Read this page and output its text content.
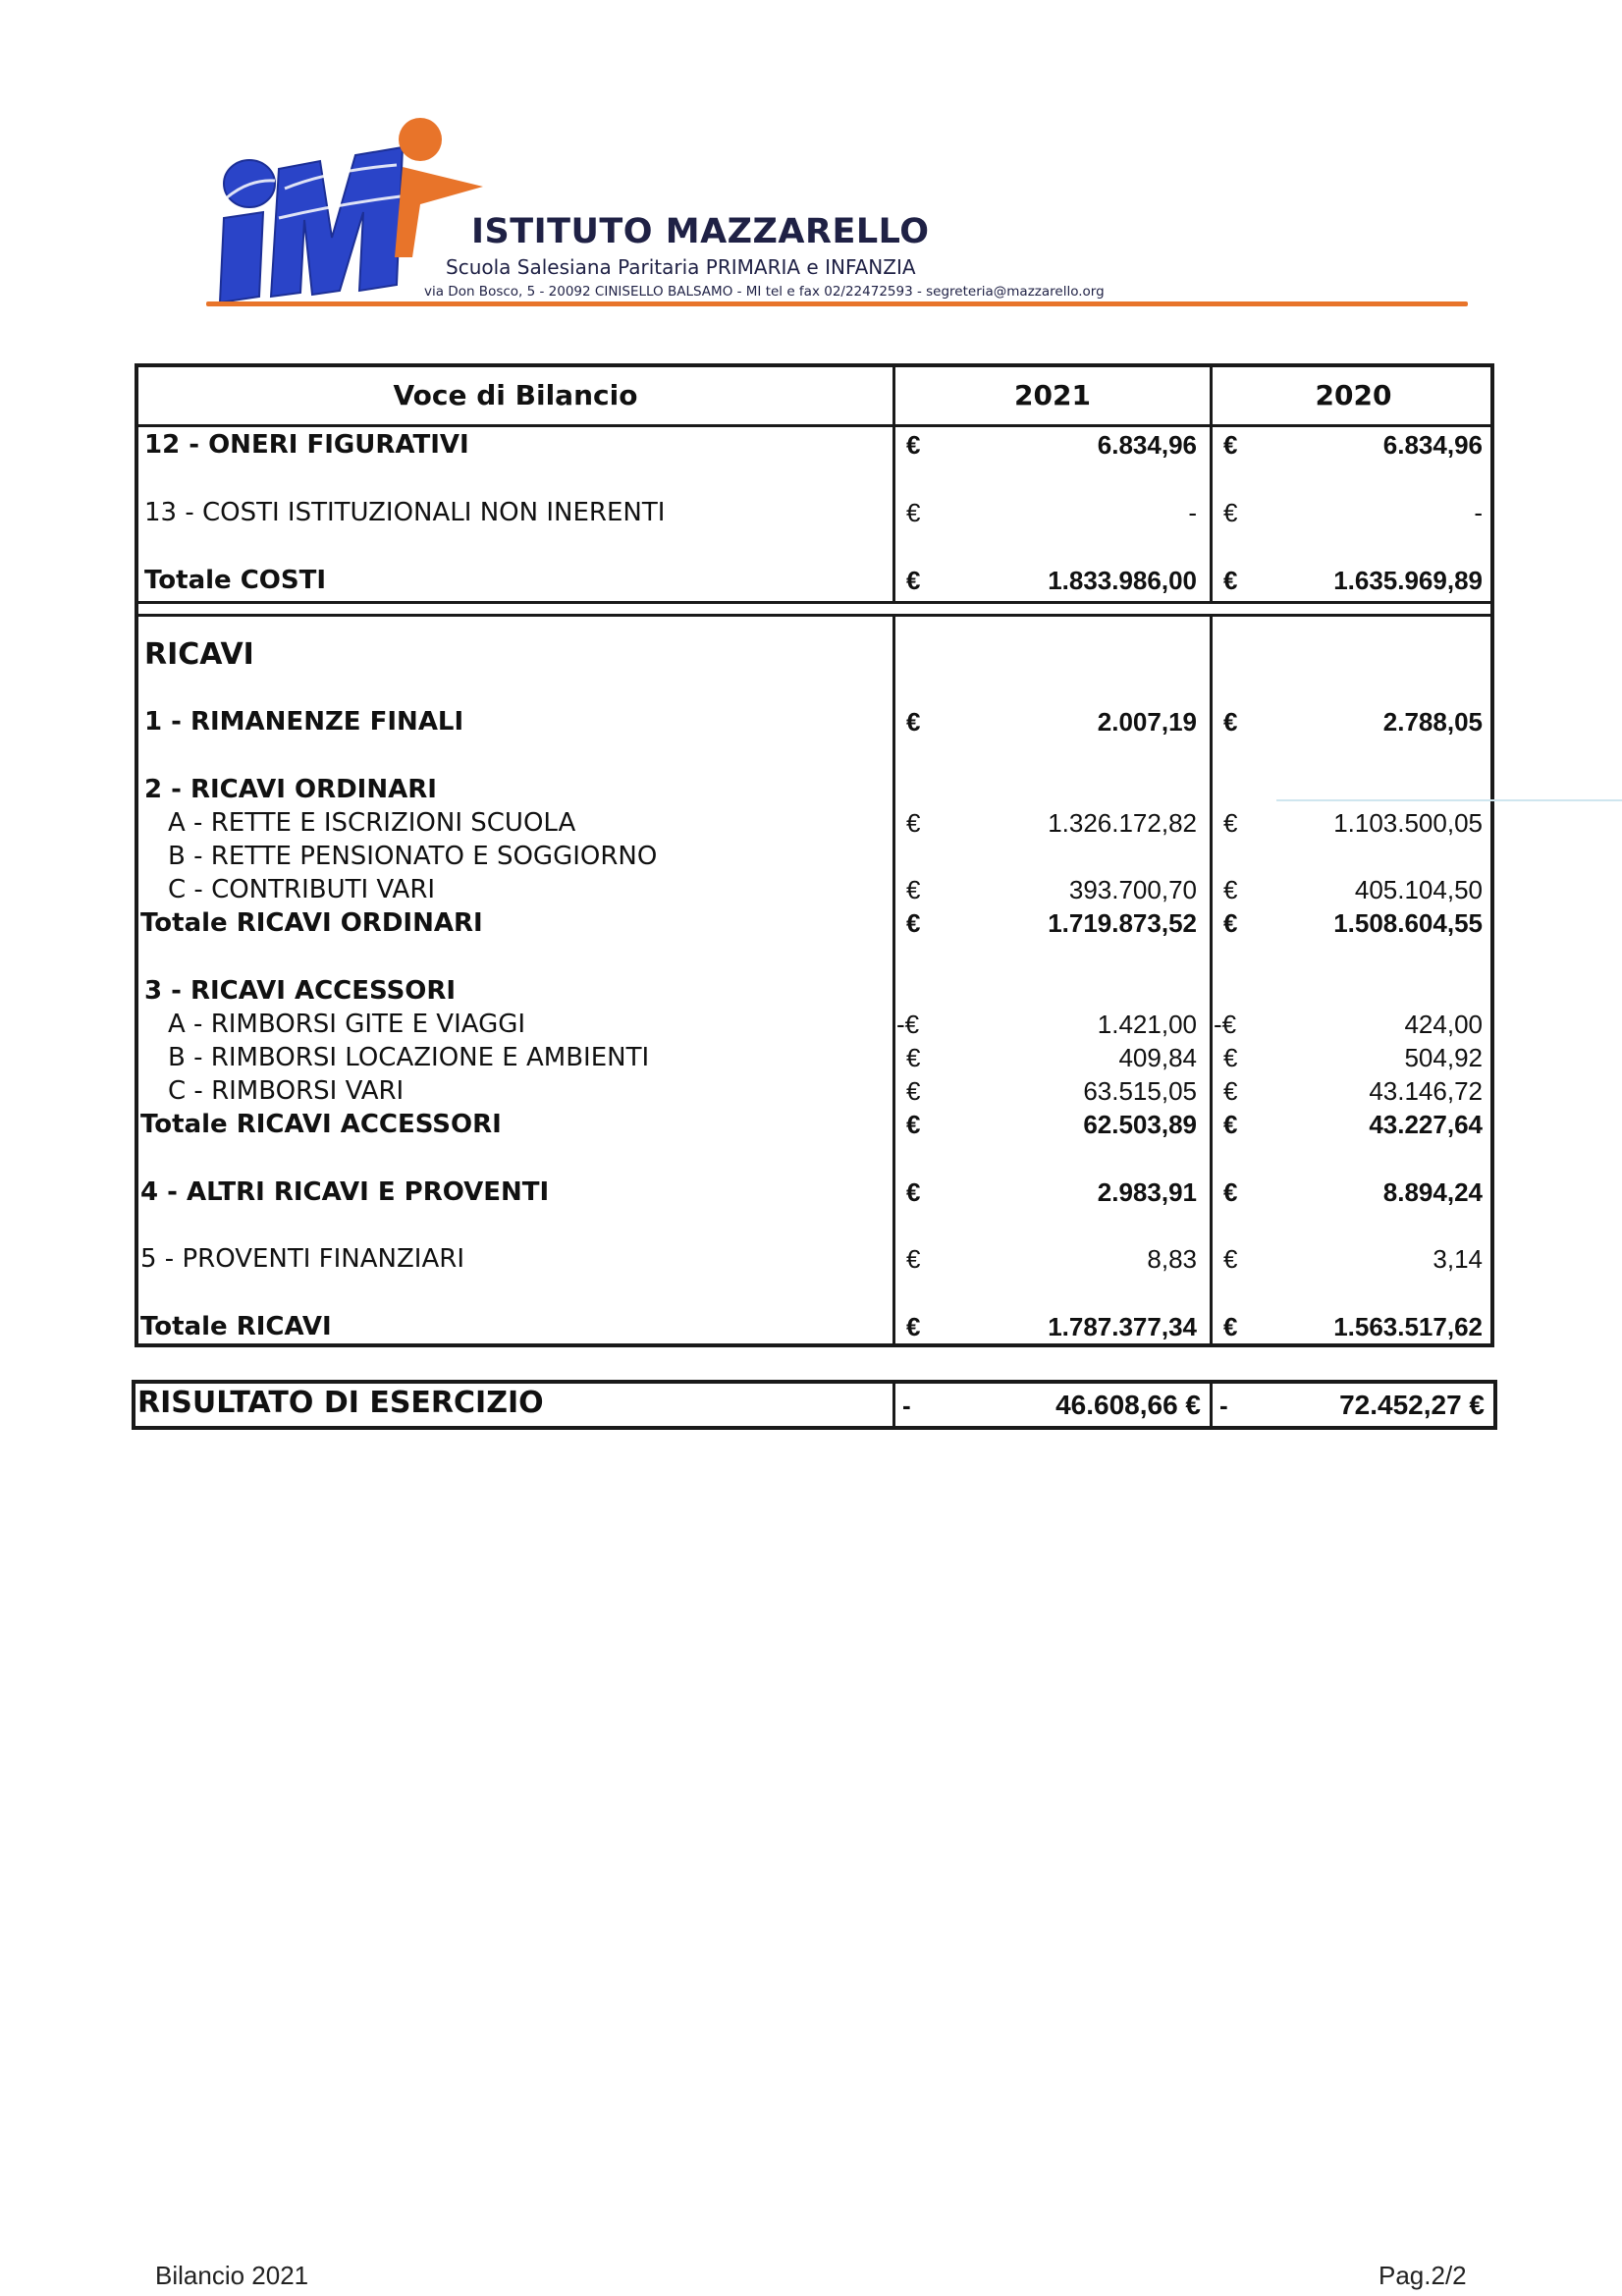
ISTITUTO MAZZARELLO
Scuola Salesiana Paritaria PRIMARIA e INFANZIA
via Don Bosco, 5 - 20092 CINISELLO BALSAMO - MI tel e fax 02/22472593 - segreteria@mazzarello.org
Voce di Bilancio	2021	2020
12 - ONERI FIGURATIVI	€	6.834,96 €	6.834,96
13 - COSTI ISTITUZIONALI NON INERENTI	€	- €	-
Totale COSTI	€	1.833.986,00 €	1.635.969,89
RICAVI
1 - RIMANENZE FINALI	€	2.007,19 €	2.788,05
2 - RICAVI ORDINARI
A - RETTE E ISCRIZIONI SCUOLA	€	1.326.172,82 €	1.103.500,05
B - RETTE PENSIONATO E SOGGIORNO
C - CONTRIBUTI VARI	€	393.700,70 €	405.104,50
Totale RICAVI ORDINARI	€	1.719.873,52 €	1.508.604,55
3 - RICAVI ACCESSORI
A - RIMBORSI GITE E VIAGGI	-€	1.421,00 -€	424,00
B - RIMBORSI LOCAZIONE E AMBIENTI	€	409,84 €	504,92
C - RIMBORSI VARI	€	63.515,05 €	43.146,72
Totale RICAVI ACCESSORI	€	62.503,89 €	43.227,64
4 - ALTRI RICAVI E PROVENTI	€	2.983,91 €	8.894,24
5 - PROVENTI FINANZIARI	€	8,83 €	3,14
Totale RICAVI	€	1.787.377,34 €	1.563.517,62
RISULTATO DI ESERCIZIO	-	46.608,66 € -	72.452,27 €
Bilancio 2021	Pag.2/2
